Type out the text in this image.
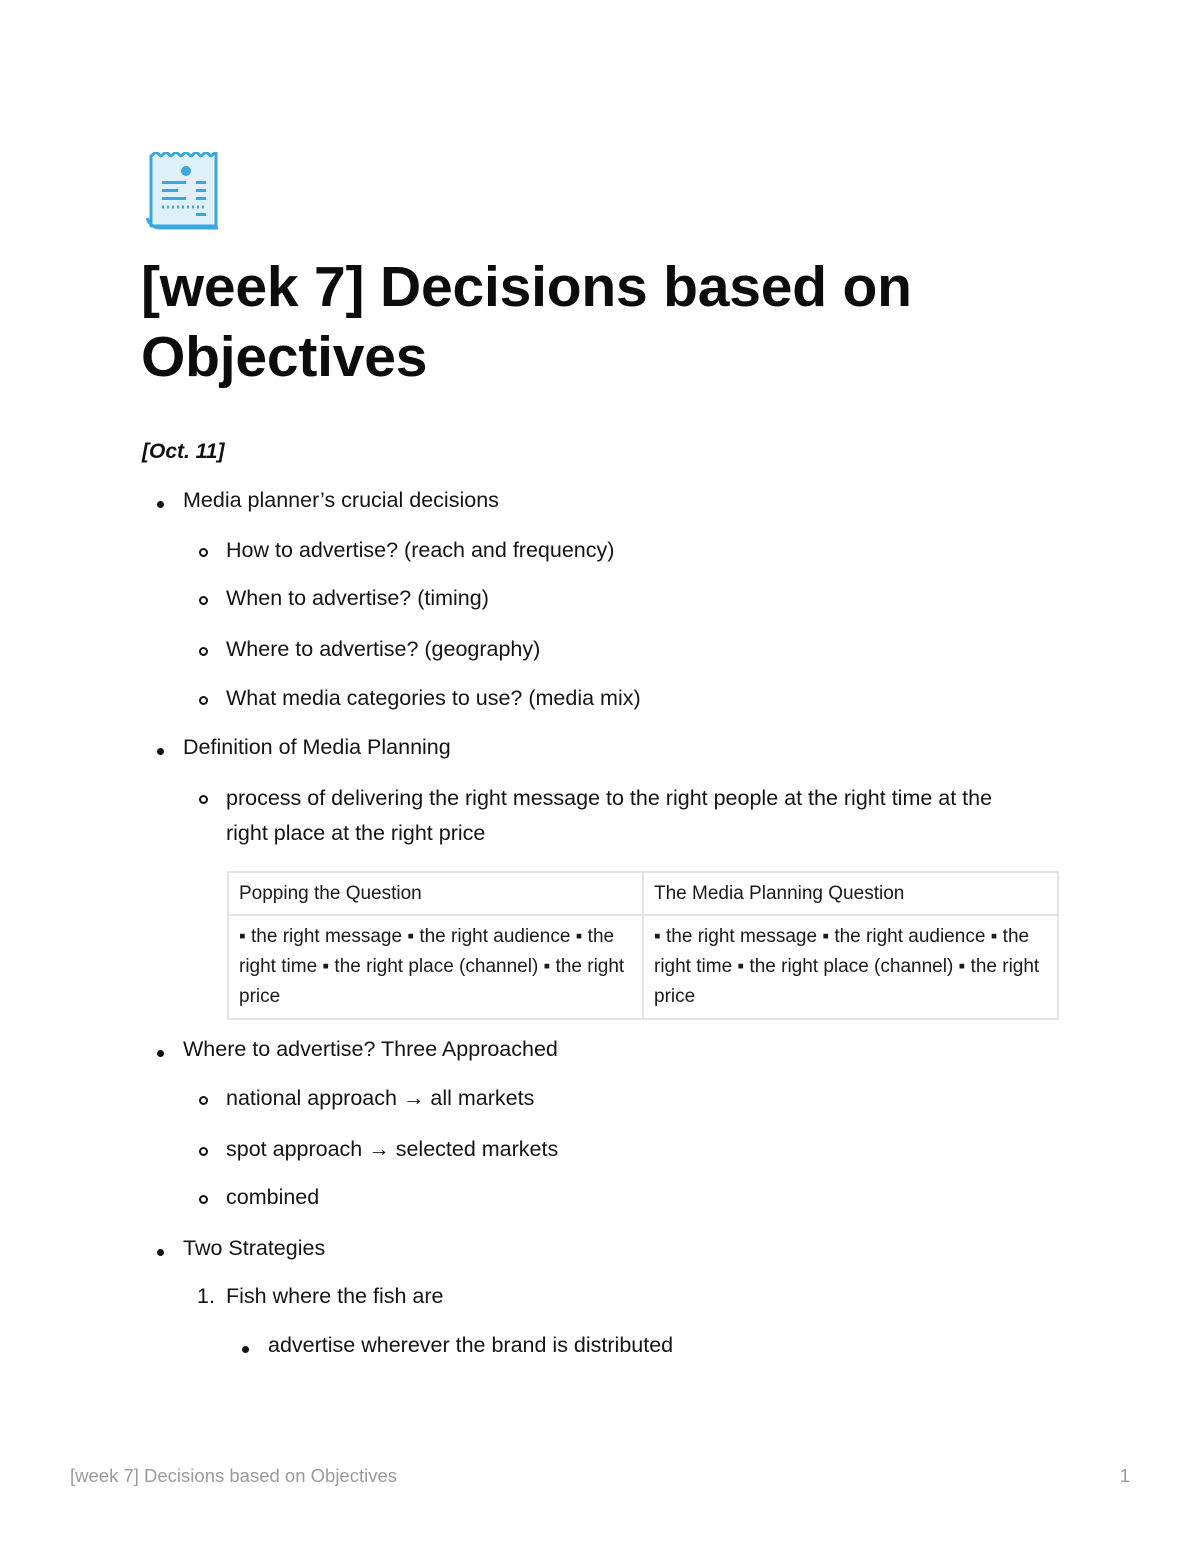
[week 7] Decisions based on Objectives

[Oct. 11]

Media planner’s crucial decisions
How to advertise? (reach and frequency)
When to advertise? (timing)
Where to advertise? (geography)
What media categories to use? (media mix)
Definition of Media Planning
process of delivering the right message to the right people at the right time at the right place at the right price
Popping the Question	The Media Planning Question
▪ the right message ▪ the right audience ▪ the right time ▪ the right place (channel) ▪ the right price	▪ the right message ▪ the right audience ▪ the right time ▪ the right place (channel) ▪ the right price
Where to advertise? Three Approached
national approach → all markets
spot approach → selected markets
combined
Two Strategies
1. Fish where the fish are
advertise wherever the brand is distributed
[week 7] Decisions based on Objectives	1
